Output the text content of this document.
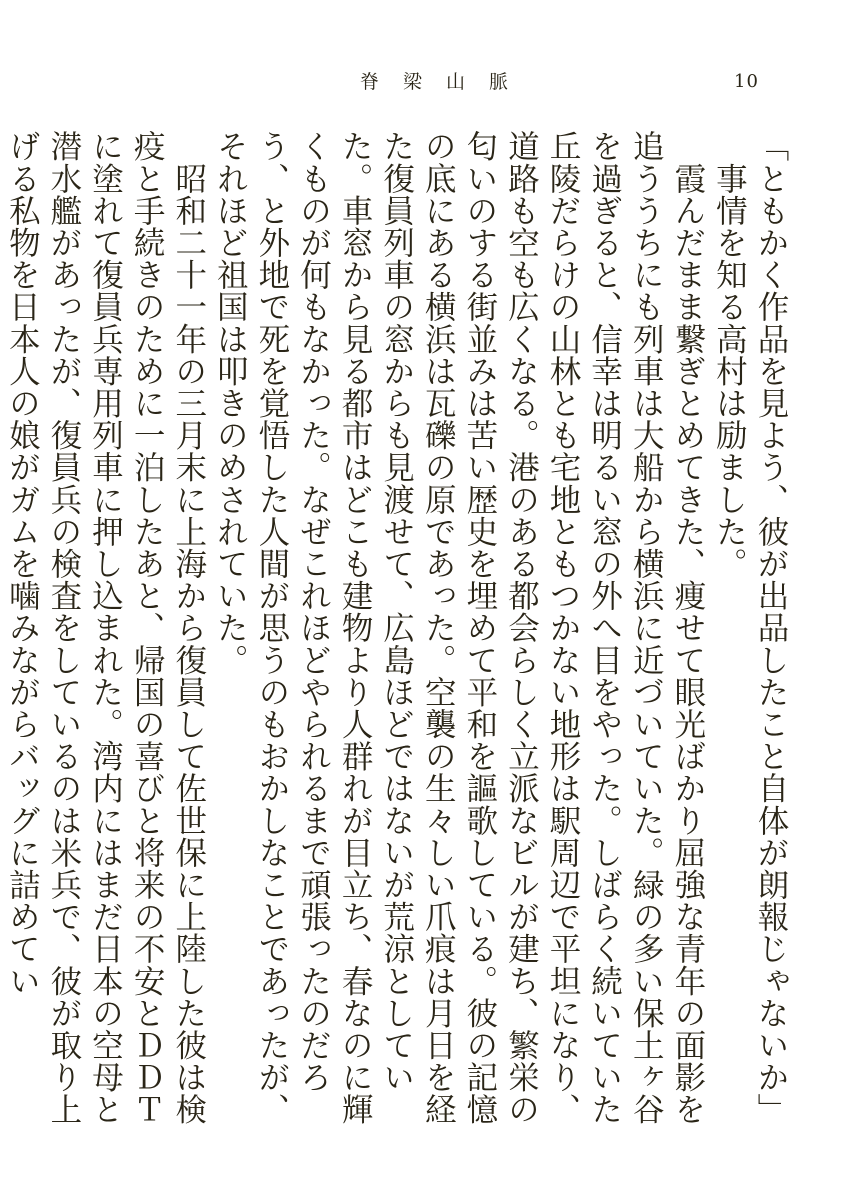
脊梁山脈	10

「ともかく作品を見よう、彼が出品したこと自体が朗報じゃないか」

　事情を知る高村は励ました。

　霞んだまま繋ぎとめてきた、痩せて眼光ばかり屈強な青年の面影を追ううちにも列車は大船から横浜に近づいていた。緑の多い保土ヶ谷を過ぎると、信幸は明るい窓の外へ目をやった。しばらく続いていた丘陵だらけの山林とも宅地ともつかない地形は駅周辺で平坦になり、道路も空も広くなる。港のある都会らしく立派なビルが建ち、繁栄の匂いのする街並みは苦い歴史を埋めて平和を謳歌している。彼の記憶の底にある横浜は瓦礫の原であった。空襲の生々しい爪痕は月日を経た復員列車の窓からも見渡せて、広島ほどではないが荒涼としていた。車窓から見る都市はどこも建物より人群れが目立ち、春なのに輝くものが何もなかった。なぜこれほどやられるまで頑張ったのだろう、と外地で死を覚悟した人間が思うのもおかしなことであったが、それほど祖国は叩きのめされていた。

　昭和二十一年の三月末に上海から復員して佐世保に上陸した彼は検疫と手続きのために一泊したあと、帰国の喜びと将来の不安とＤＤＴに塗れて復員兵専用列車に押し込まれた。湾内にはまだ日本の空母と潜水艦があったが、復員兵の検査をしているのは米兵で、彼が取り上げる私物を日本人の娘がガムを噛みながらバッグに詰めてい
